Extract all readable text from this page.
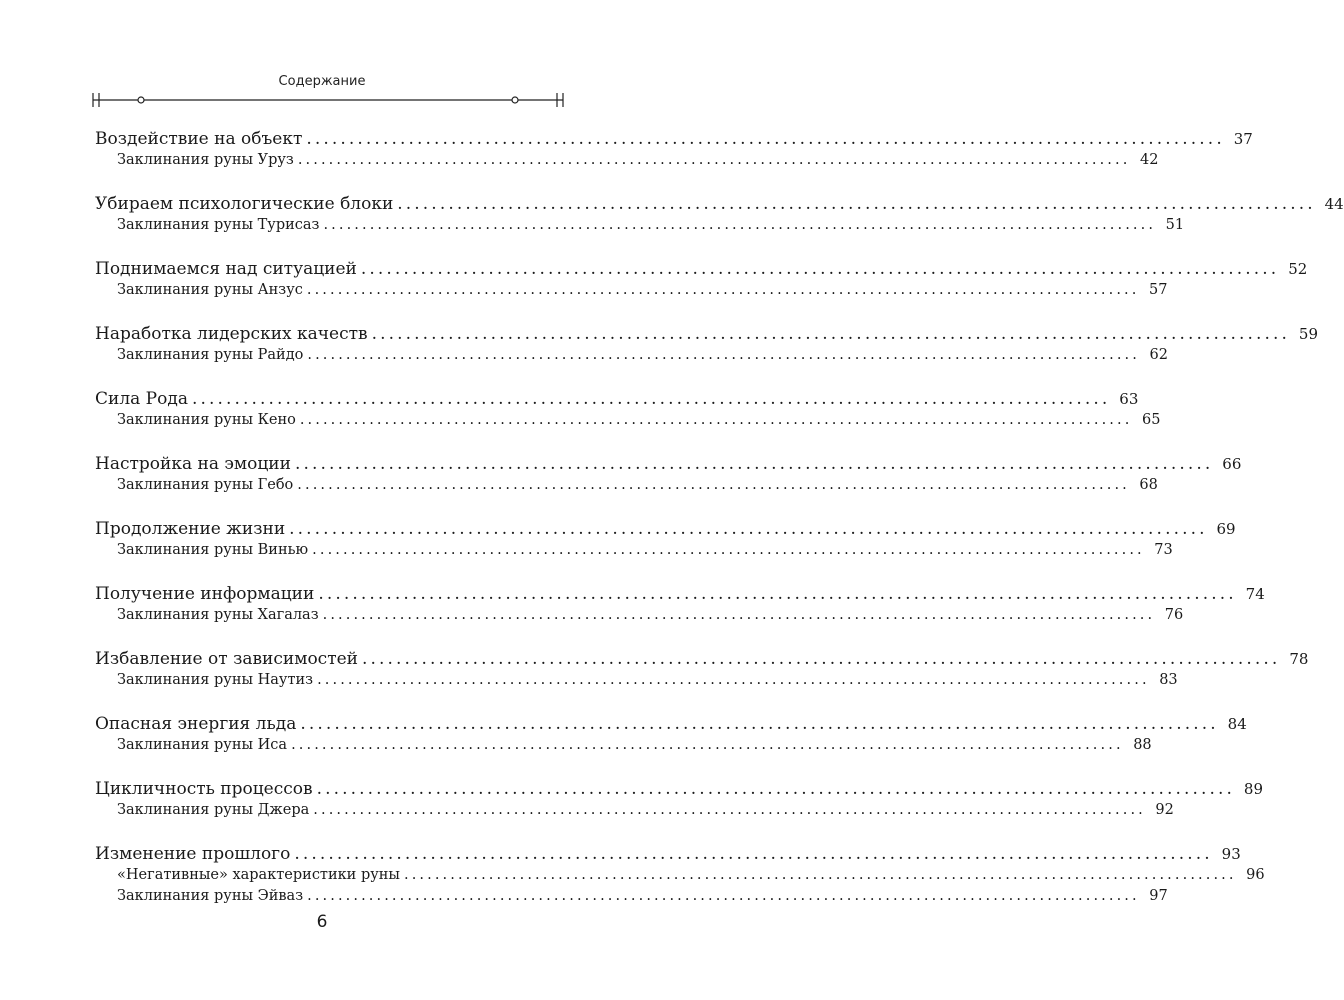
Содержание
Воздействие на объект ............................................................................................................ 37
Заклинания руны Уруз ............................................................................................................ 42
Убираем психологические блоки ............................................................................................................ 44
Заклинания руны Турисаз ............................................................................................................ 51
Поднимаемся над ситуацией ............................................................................................................ 52
Заклинания руны Анзус ............................................................................................................ 57
Наработка лидерских качеств ............................................................................................................ 59
Заклинания руны Райдо ............................................................................................................ 62
Сила Рода ............................................................................................................ 63
Заклинания руны Кено ............................................................................................................ 65
Настройка на эмоции ............................................................................................................ 66
Заклинания руны Гебо ............................................................................................................ 68
Продолжение жизни ............................................................................................................ 69
Заклинания руны Винью ............................................................................................................ 73
Получение информации ............................................................................................................ 74
Заклинания руны Хагалаз ............................................................................................................ 76
Избавление от зависимостей ............................................................................................................ 78
Заклинания руны Наутиз ............................................................................................................ 83
Опасная энергия льда ............................................................................................................ 84
Заклинания руны Иса ............................................................................................................ 88
Цикличность процессов ............................................................................................................ 89
Заклинания руны Джера ............................................................................................................ 92
Изменение прошлого ............................................................................................................ 93
«Негативные» характеристики руны ............................................................................................................ 96
Заклинания руны Эйваз ............................................................................................................ 97
6
